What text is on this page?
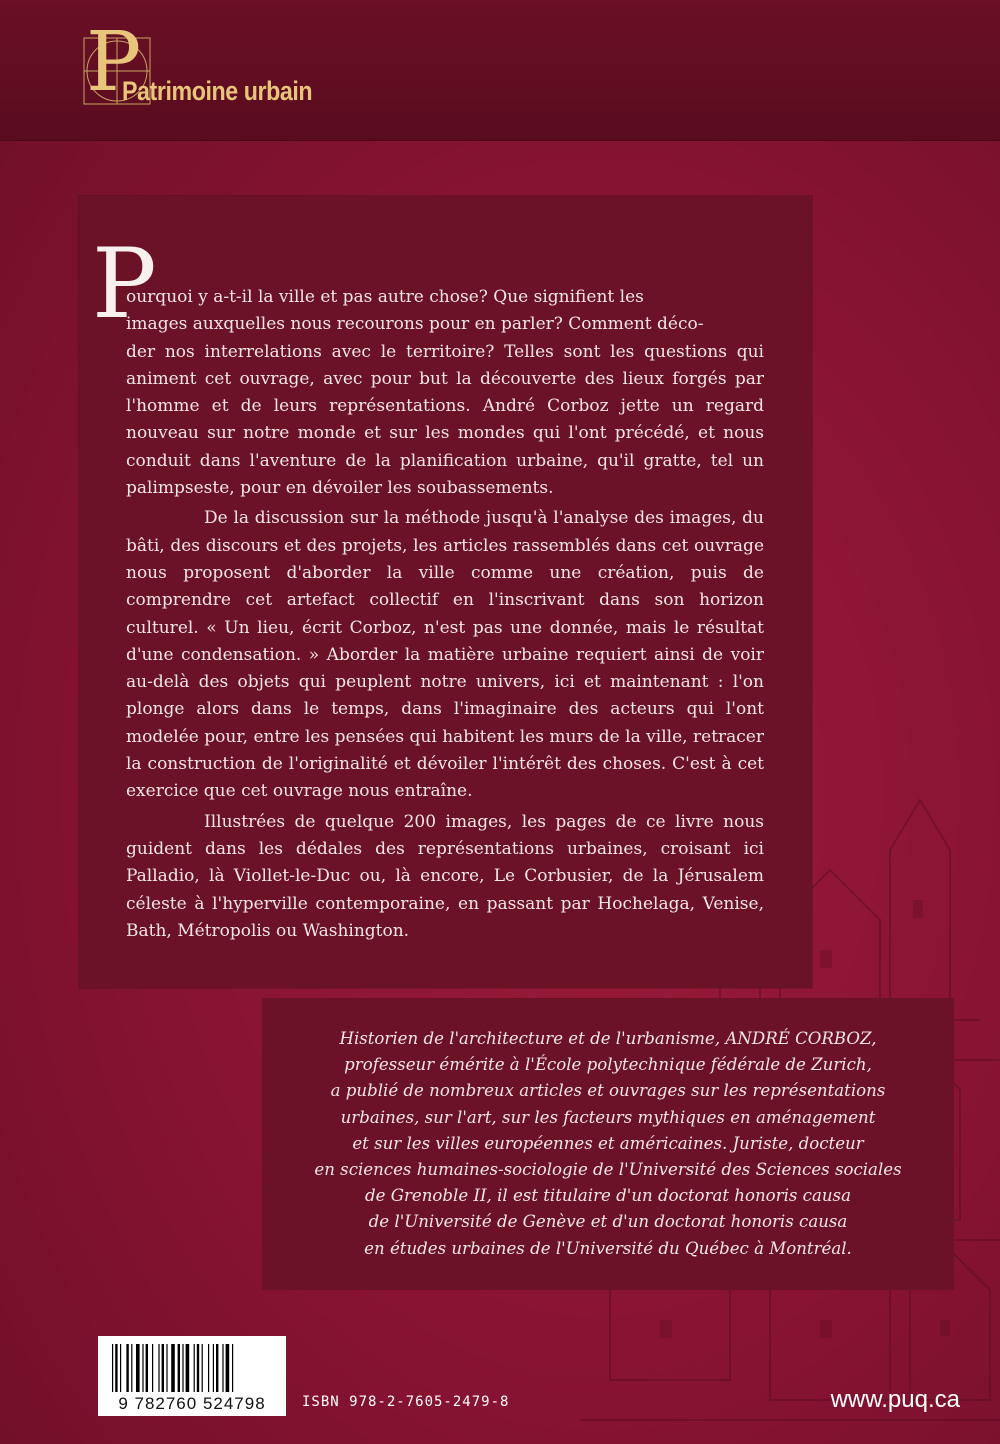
P
Patrimoine urbain
P

ourquoi y a-t-il la ville et pas autre chose? Que signifient les
images auxquelles nous recourons pour en parler? Comment déco-
der nos interrelations avec le territoire? Telles sont les questions qui animent cet ouvrage, avec pour but la découverte des lieux forgés par l'homme et de leurs représentations. André Corboz jette un regard nouveau sur notre monde et sur les mondes qui l'ont précédé, et nous conduit dans l'aventure de la planification urbaine, qu'il gratte, tel un palimpseste, pour en dévoiler les soubassements.

De la discussion sur la méthode jusqu'à l'analyse des images, du bâti, des discours et des projets, les articles rassemblés dans cet ouvrage nous proposent d'aborder la ville comme une création, puis de comprendre cet artefact collectif en l'inscrivant dans son horizon culturel. « Un lieu, écrit Corboz, n'est pas une donnée, mais le résultat d'une condensation. » Aborder la matière urbaine requiert ainsi de voir au-delà des objets qui peuplent notre univers, ici et maintenant : l'on plonge alors dans le temps, dans l'imaginaire des acteurs qui l'ont modelée pour, entre les pensées qui habitent les murs de la ville, retracer la construction de l'originalité et dévoiler l'intérêt des choses. C'est à cet exercice que cet ouvrage nous entraîne.

Illustrées de quelque 200 images, les pages de ce livre nous guident dans les dédales des représentations urbaines, croisant ici Palladio, là Viollet-le-Duc ou, là encore, Le Corbusier, de la Jérusalem céleste à l'hyperville contemporaine, en passant par Hochelaga, Venise, Bath, Métropolis ou Washington.

Historien de l'architecture et de l'urbanisme, ANDRÉ CORBOZ,
professeur émérite à l'École polytechnique fédérale de Zurich,
a publié de nombreux articles et ouvrages sur les représentations
urbaines, sur l'art, sur les facteurs mythiques en aménagement
et sur les villes européennes et américaines. Juriste, docteur
en sciences humaines-sociologie de l'Université des Sciences sociales
de Grenoble II, il est titulaire d'un doctorat honoris causa
de l'Université de Genève et d'un doctorat honoris causa
en études urbaines de l'Université du Québec à Montréal.

9 782760 524798	ISBN 978-2-7605-2479-8	www.puq.ca
